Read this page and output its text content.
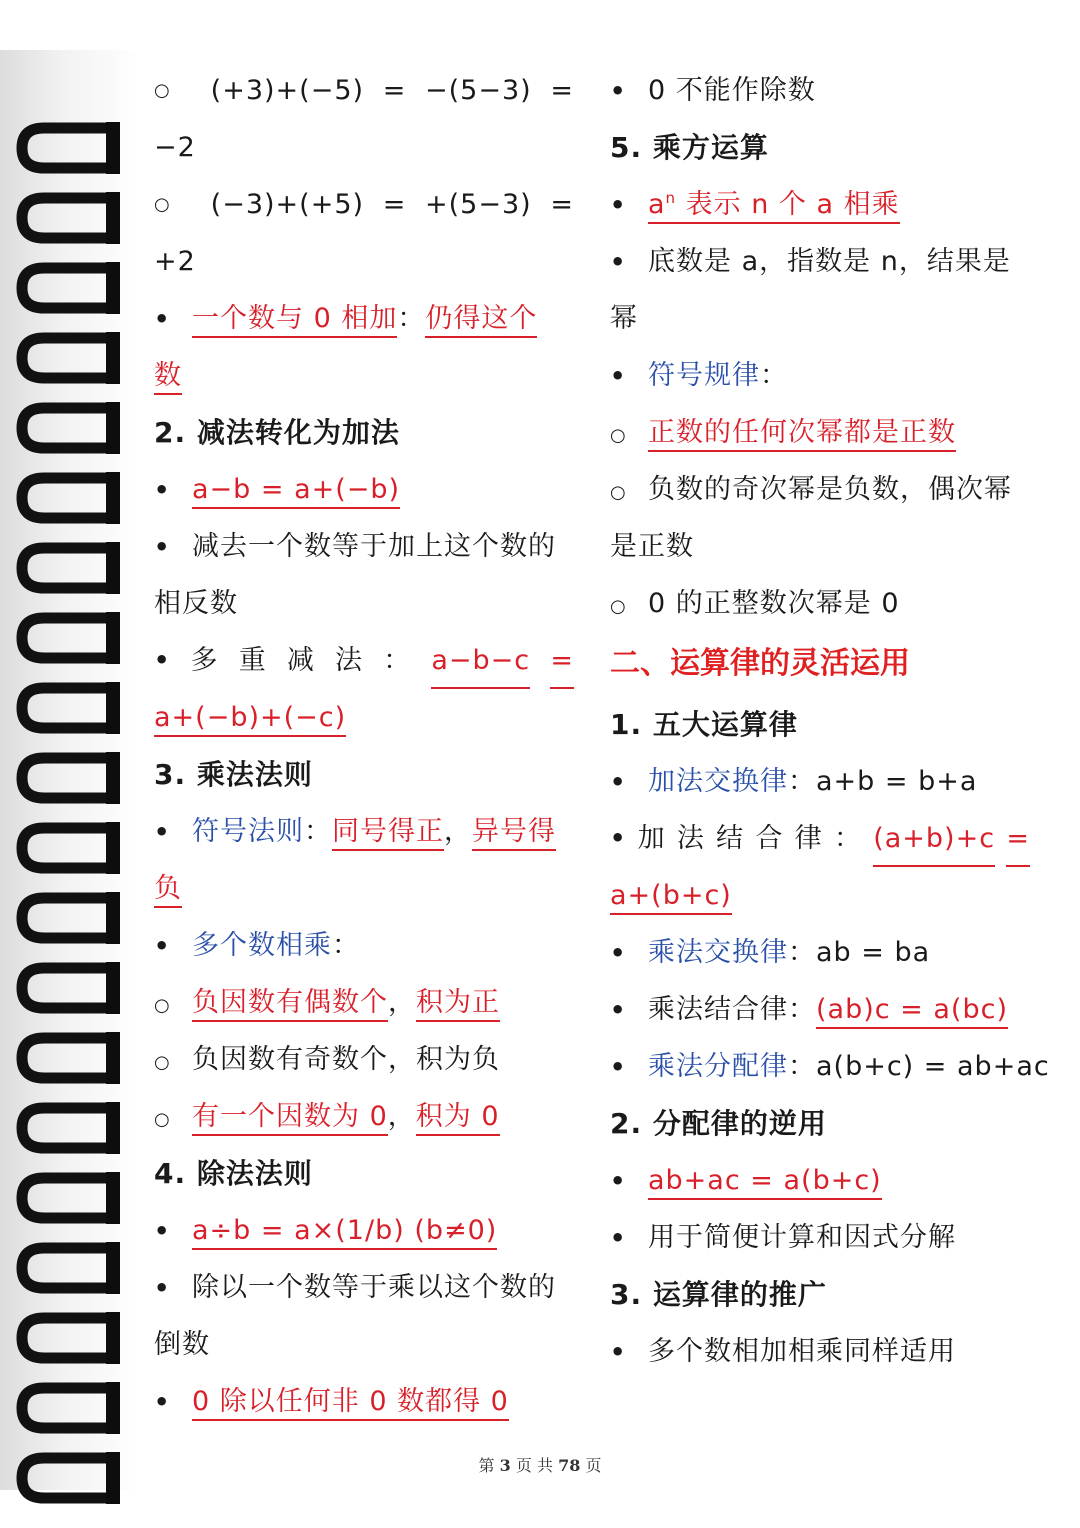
○	(+3)+(−5) = −(5−3) =
−2
○	(−3)+(+5) = +(5−3) =
+2
• 一个数与 0 相加：仍得这个
数
2. 减法转化为加法
• a−b = a+(−b)
• 减去一个数等于加上这个数的
相反数
• 多 重 减 法 ： a−b−c =
a+(−b)+(−c)
3. 乘法法则
• 符号法则：同号得正，异号得
负
• 多个数相乘：
○ 负因数有偶数个，积为正
○ 负因数有奇数个，积为负
○ 有一个因数为 0，积为 0
4. 除法法则
• a÷b = a×(1/b) (b≠0)
• 除以一个数等于乘以这个数的
倒数
• 0 除以任何非 0 数都得 0
• 0 不能作除数
5. 乘方运算
• $a^n$ 表示 n 个 a 相乘
• 底数是 a，指数是 n，结果是
幂
• 符号规律：
○ 正数的任何次幂都是正数
○ 负数的奇次幂是负数，偶次幂
是正数
○ 0 的正整数次幂是 0
二、运算律的灵活运用
1. 五大运算律
• 加法交换律：a+b = b+a
• 加 法 结 合 律 ： (a+b)+c =
a+(b+c)
• 乘法交换律：ab = ba
• 乘法结合律：(ab)c = a(bc)
• 乘法分配律：a(b+c) = ab+ac
2. 分配律的逆用
• ab+ac = a(b+c)
• 用于简便计算和因式分解
3. 运算律的推广
• 多个数相加相乘同样适用
第 3 页 共 78 页
